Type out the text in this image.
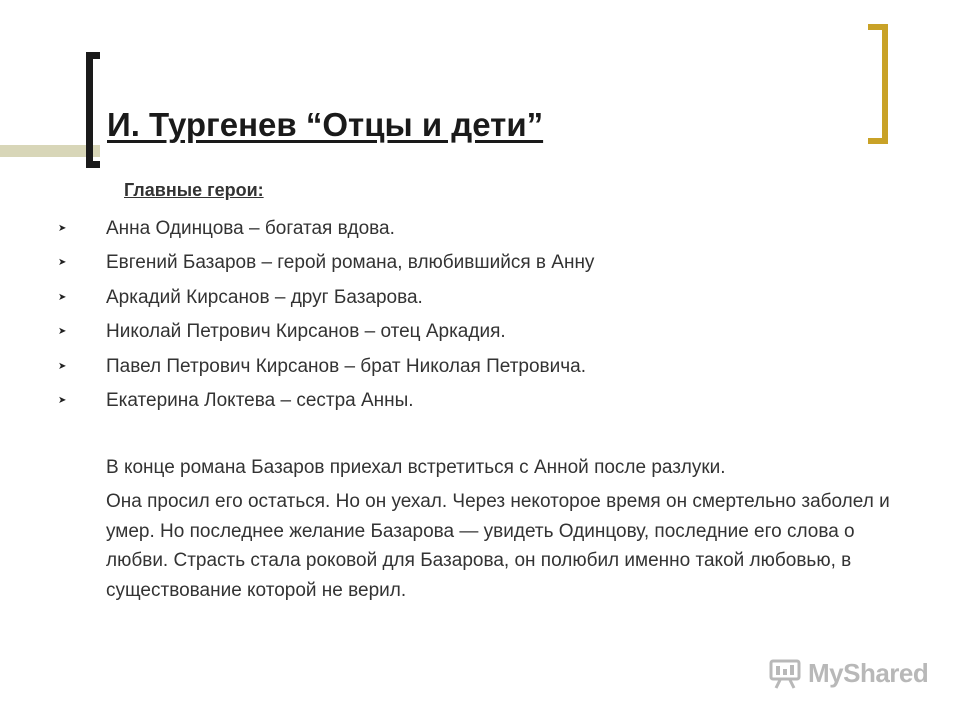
И. Тургенев “Отцы и дети”

Главные герои:

➤ Анна Одинцова – богатая вдова.
➤ Евгений Базаров – герой романа, влюбившийся в Анну
➤ Аркадий Кирсанов – друг Базарова.
➤ Николай Петрович Кирсанов – отец Аркадия.
➤ Павел Петрович Кирсанов – брат Николая Петровича.
➤ Екатерина Локтева – сестра Анны.

В конце романа Базаров приехал встретиться с Анной после разлуки.

Она просил его остаться. Но он уехал. Через некоторое время он смертельно заболел и умер. Но последнее желание Базарова — увидеть Одинцову, последние его слова о любви. Страсть стала роковой для Базарова, он полюбил именно такой любовью, в существование которой не верил.

MyShared
